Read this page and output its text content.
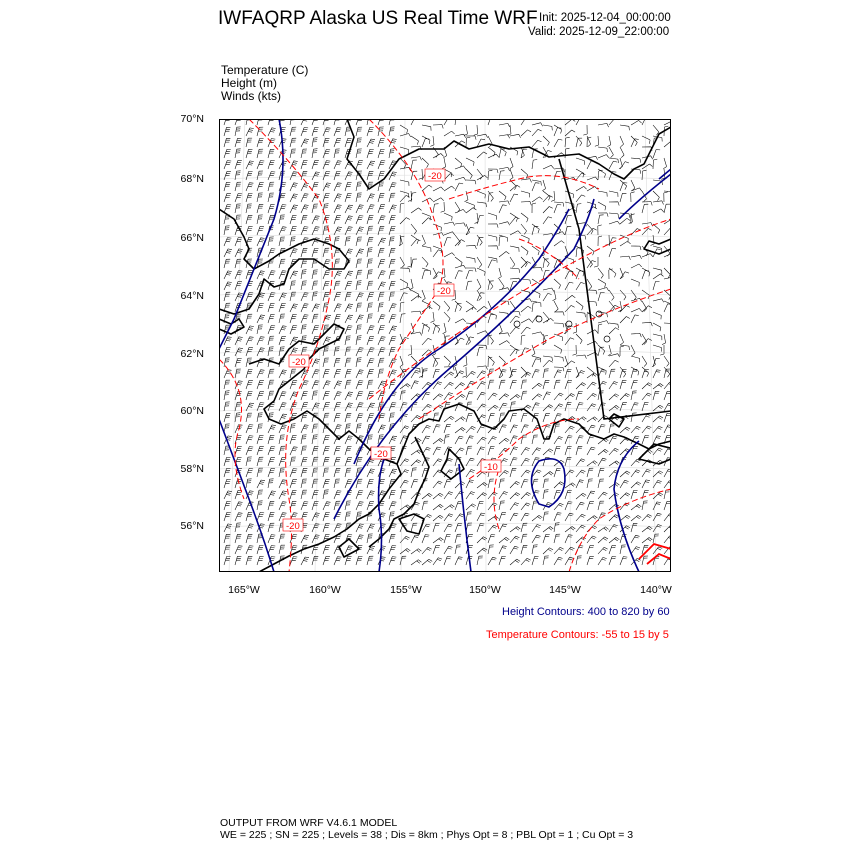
IWFAQRP Alaska US Real Time WRF Init: 2025-12-04_00:00:00
Valid: 2025-12-09_22:00:00
Temperature (C)
Height (m)
Winds (kts)
70°N
68°N
66°N
64°N
62°N
60°N
58°N
56°N
165°W	160°W	155°W	150°W	145°W	140°W
-20
-20
-20
-20
-10
-20
Height Contours: 400 to 820 by 60
Temperature Contours: -55 to 15 by 5
OUTPUT FROM WRF V4.6.1 MODEL
WE = 225 ; SN = 225 ; Levels = 38 ; Dis = 8km ; Phys Opt = 8 ; PBL Opt = 1 ; Cu Opt = 3
